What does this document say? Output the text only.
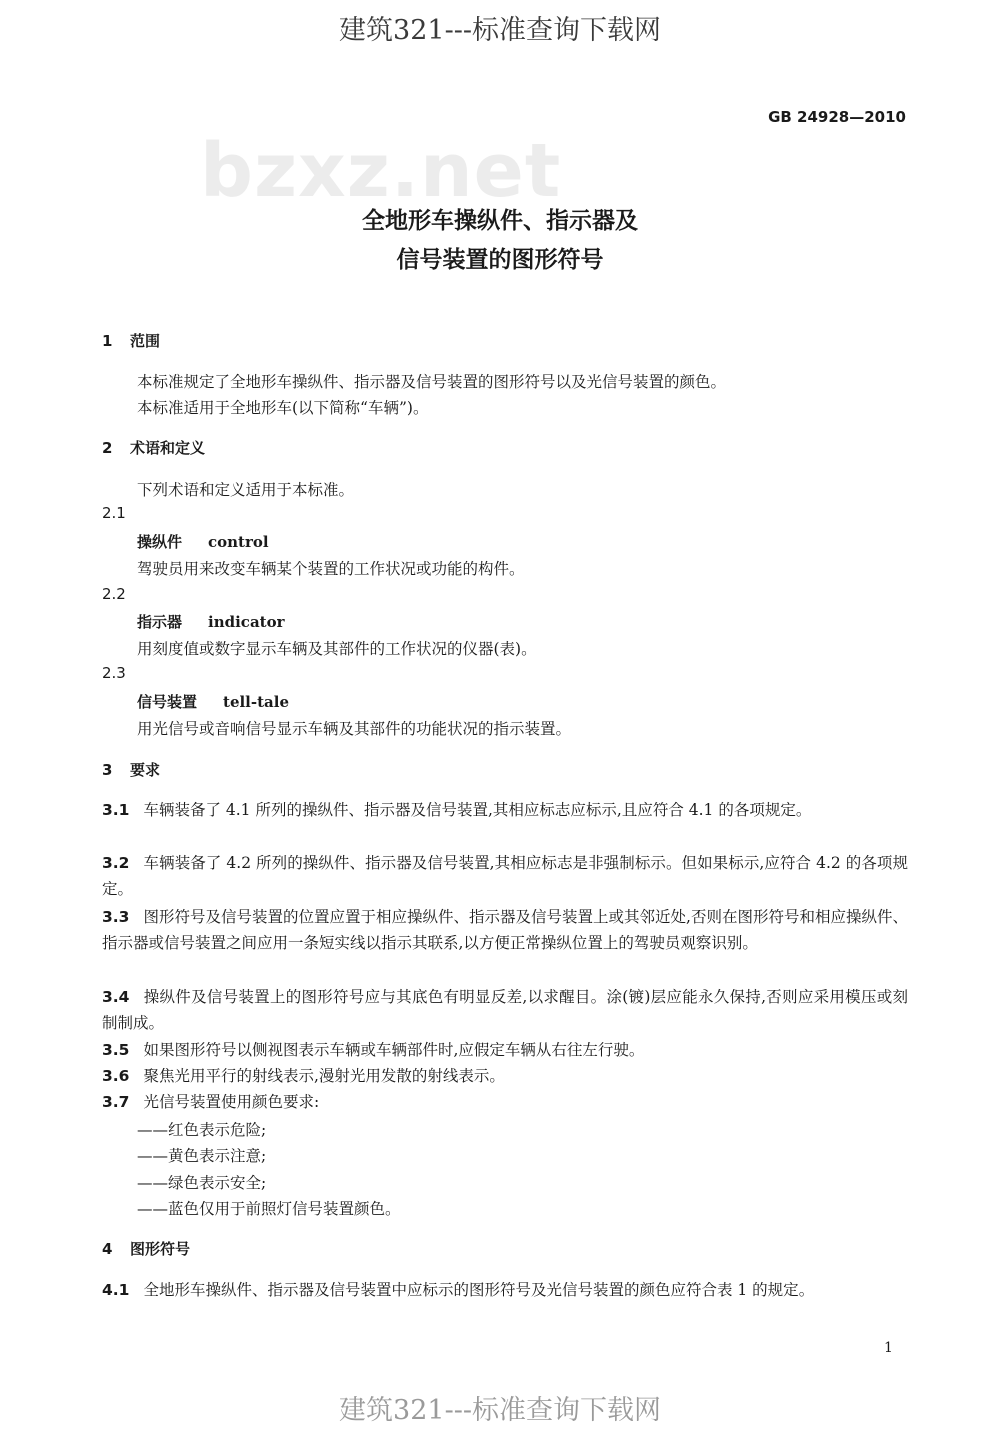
建筑321---标准查询下载网
GB 24928—2010
bzxz.net
全地形车操纵件、指示器及
信号装置的图形符号
1 范围
本标准规定了全地形车操纵件、指示器及信号装置的图形符号以及光信号装置的颜色。
本标准适用于全地形车(以下简称“车辆”)。
2 术语和定义
下列术语和定义适用于本标准。
2.1
操纵件 control
驾驶员用来改变车辆某个装置的工作状况或功能的构件。
2.2
指示器 indicator
用刻度值或数字显示车辆及其部件的工作状况的仪器(表)。
2.3
信号装置 tell-tale
用光信号或音响信号显示车辆及其部件的功能状况的指示装置。
3 要求
3.1 车辆装备了 4.1 所列的操纵件、指示器及信号装置,其相应标志应标示,且应符合 4.1 的各项规定。
3.2 车辆装备了 4.2 所列的操纵件、指示器及信号装置,其相应标志是非强制标示。但如果标示,应符合 4.2 的各项规定。
3.3 图形符号及信号装置的位置应置于相应操纵件、指示器及信号装置上或其邻近处,否则在图形符号和相应操纵件、指示器或信号装置之间应用一条短实线以指示其联系,以方便正常操纵位置上的驾驶员观察识别。
3.4 操纵件及信号装置上的图形符号应与其底色有明显反差,以求醒目。涂(镀)层应能永久保持,否则应采用模压或刻制制成。
3.5 如果图形符号以侧视图表示车辆或车辆部件时,应假定车辆从右往左行驶。
3.6 聚焦光用平行的射线表示,漫射光用发散的射线表示。
3.7 光信号装置使用颜色要求:
——红色表示危险;
——黄色表示注意;
——绿色表示安全;
——蓝色仅用于前照灯信号装置颜色。
4 图形符号
4.1 全地形车操纵件、指示器及信号装置中应标示的图形符号及光信号装置的颜色应符合表 1 的规定。
1
建筑321---标准查询下载网
